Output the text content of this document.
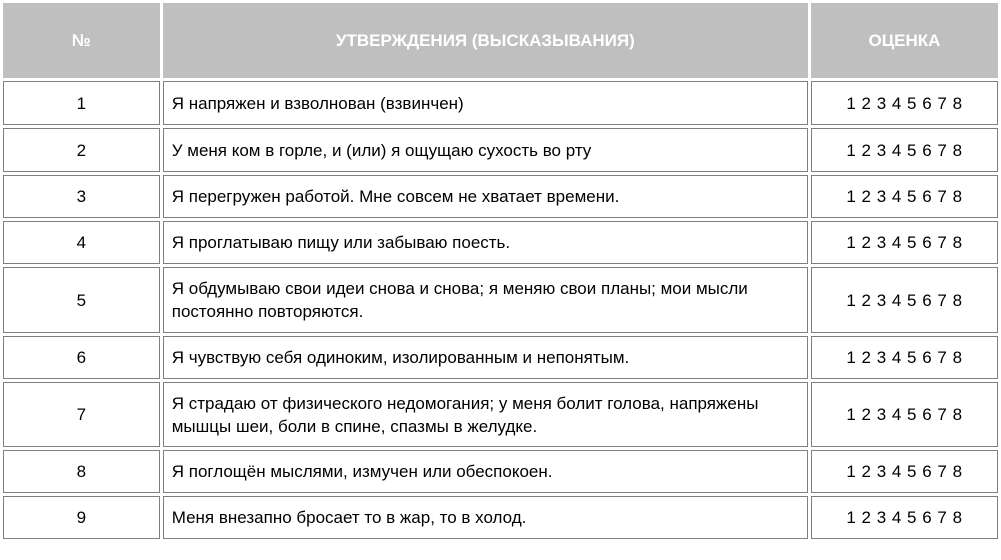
№	УТВЕРЖДЕНИЯ (ВЫСКАЗЫВАНИЯ)	ОЦЕНКА
1	Я напряжен и взволнован (взвинчен)	1 2 3 4 5 6 7 8
2	У меня ком в горле, и (или) я ощущаю сухость во рту	1 2 3 4 5 6 7 8
3	Я перегружен работой. Мне совсем не хватает времени.	1 2 3 4 5 6 7 8
4	Я проглатываю пищу или забываю поесть.	1 2 3 4 5 6 7 8
5	Я обдумываю свои идеи снова и снова; я меняю свои планы; мои мысли постоянно повторяются.	1 2 3 4 5 6 7 8
6	Я чувствую себя одиноким, изолированным и непонятым.	1 2 3 4 5 6 7 8
7	Я страдаю от физического недомогания; у меня болит голова, напряжены мышцы шеи, боли в спине, спазмы в желудке.	1 2 3 4 5 6 7 8
8	Я поглощён мыслями, измучен или обеспокоен.	1 2 3 4 5 6 7 8
9	Меня внезапно бросает то в жар, то в холод.	1 2 3 4 5 6 7 8
